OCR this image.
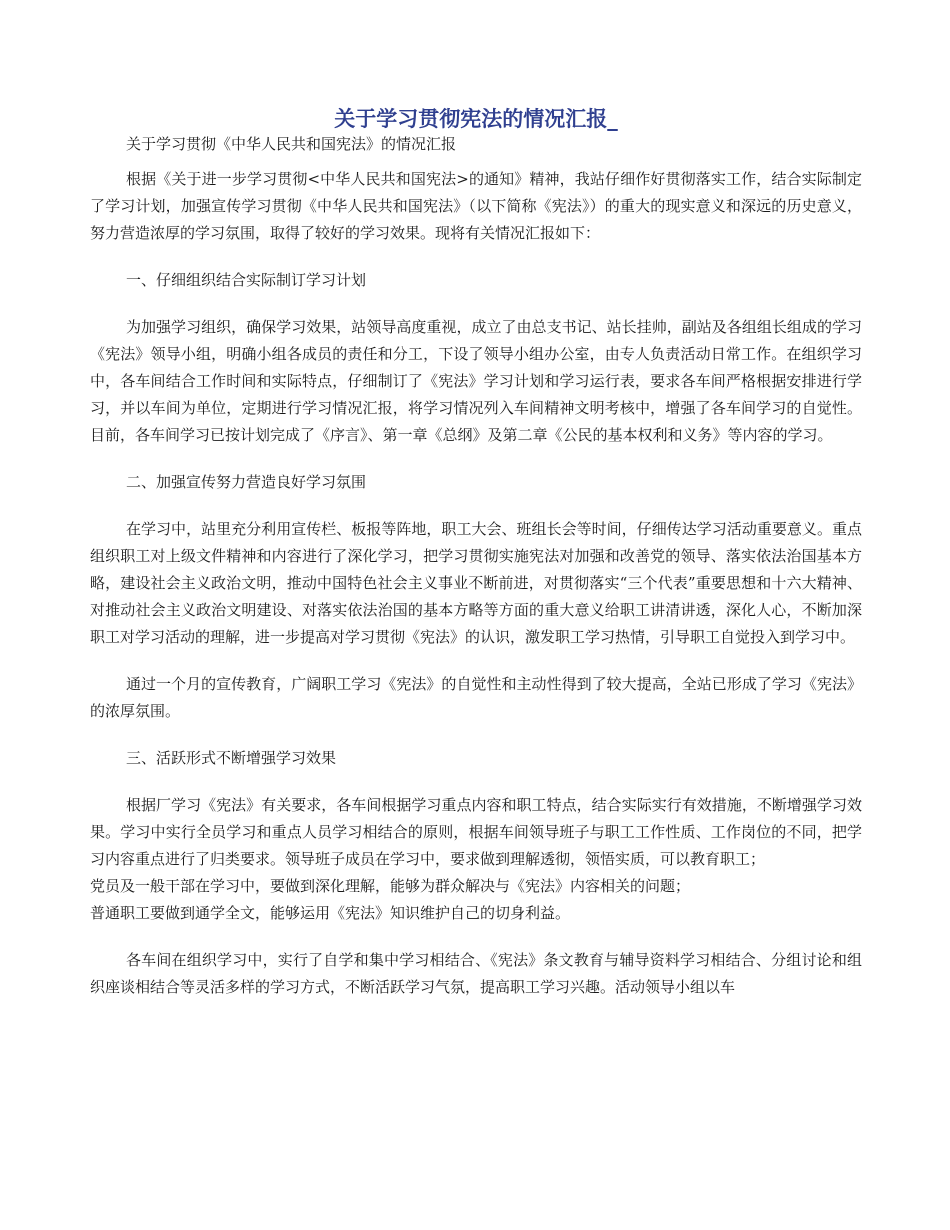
关于学习贯彻宪法的情况汇报_

关于学习贯彻《中华人民共和国宪法》的情况汇报

根据《关于进一步学习贯彻<中华人民共和国宪法>的通知》精神，我站仔细作好贯彻落实工作，结合实际制定了学习计划，加强宣传学习贯彻《中华人民共和国宪法》（以下简称《宪法》）的重大的现实意义和深远的历史意义，努力营造浓厚的学习氛围，取得了较好的学习效果。现将有关情况汇报如下：

一、仔细组织结合实际制订学习计划

为加强学习组织，确保学习效果，站领导高度重视，成立了由总支书记、站长挂帅，副站及各组组长组成的学习《宪法》领导小组，明确小组各成员的责任和分工，下设了领导小组办公室，由专人负责活动日常工作。在组织学习中，各车间结合工作时间和实际特点，仔细制订了《宪法》学习计划和学习运行表，要求各车间严格根据安排进行学习，并以车间为单位，定期进行学习情况汇报，将学习情况列入车间精神文明考核中，增强了各车间学习的自觉性。目前，各车间学习已按计划完成了《序言》、第一章《总纲》及第二章《公民的基本权利和义务》等内容的学习。

二、加强宣传努力营造良好学习氛围

在学习中，站里充分利用宣传栏、板报等阵地，职工大会、班组长会等时间，仔细传达学习活动重要意义。重点组织职工对上级文件精神和内容进行了深化学习，把学习贯彻实施宪法对加强和改善党的领导、落实依法治国基本方略，建设社会主义政治文明，推动中国特色社会主义事业不断前进，对贯彻落实“三个代表”重要思想和十六大精神、对推动社会主义政治文明建设、对落实依法治国的基本方略等方面的重大意义给职工讲清讲透，深化人心，不断加深职工对学习活动的理解，进一步提高对学习贯彻《宪法》的认识，激发职工学习热情，引导职工自觉投入到学习中。

通过一个月的宣传教育，广阔职工学习《宪法》的自觉性和主动性得到了较大提高，全站已形成了学习《宪法》的浓厚氛围。

三、活跃形式不断增强学习效果

根据厂学习《宪法》有关要求，各车间根据学习重点内容和职工特点，结合实际实行有效措施，不断增强学习效果。学习中实行全员学习和重点人员学习相结合的原则，根据车间领导班子与职工工作性质、工作岗位的不同，把学习内容重点进行了归类要求。领导班子成员在学习中，要求做到理解透彻，领悟实质，可以教育职工；

党员及一般干部在学习中，要做到深化理解，能够为群众解决与《宪法》内容相关的问题；

普通职工要做到通学全文，能够运用《宪法》知识维护自己的切身利益。

各车间在组织学习中，实行了自学和集中学习相结合、《宪法》条文教育与辅导资料学习相结合、分组讨论和组织座谈相结合等灵活多样的学习方式，不断活跃学习气氛，提高职工学习兴趣。活动领导小组以车
